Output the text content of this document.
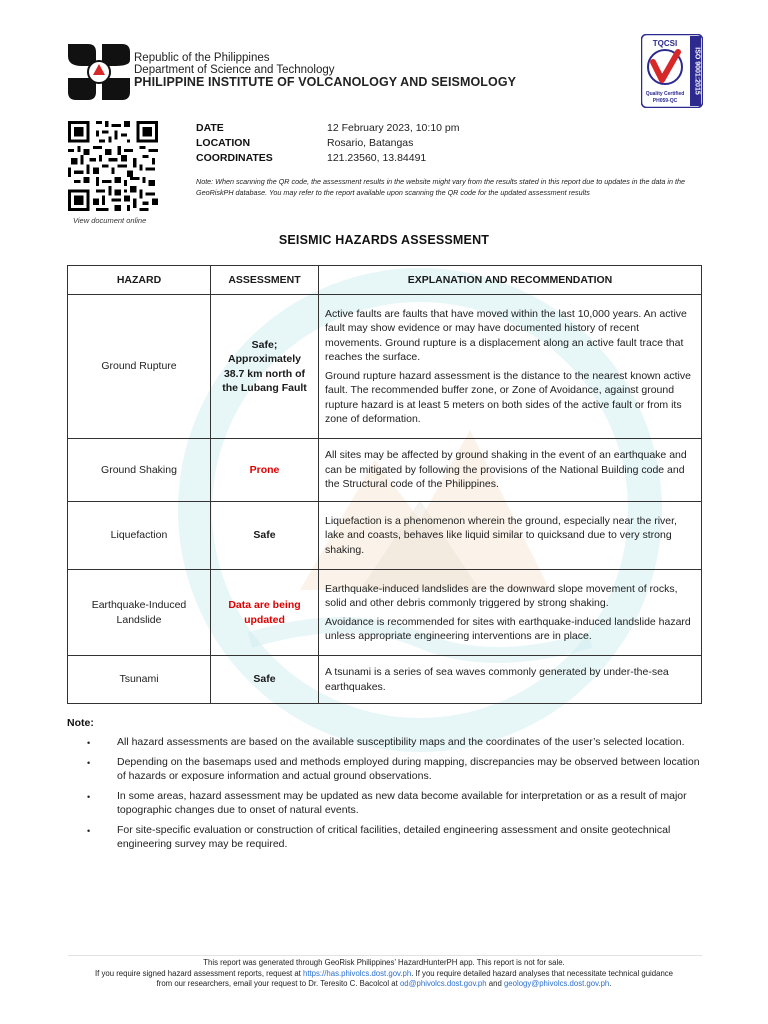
Republic of the Philippines
Department of Science and Technology
PHILIPPINE INSTITUTE OF VOLCANOLOGY AND SEISMOLOGY	ISO 9001:2015
TQCSI
Quality Certified
PH059-QC
View document online
DATE	12 February 2023, 10:10 pm
LOCATION	Rosario, Batangas
COORDINATES	121.23560, 13.84491
Note: When scanning the QR code, the assessment results in the website might vary from the results stated in this report due to updates in the data in the GeoRiskPH database. You may refer to the report available upon scanning the QR code for the updated assessment results
SEISMIC HAZARDS ASSESSMENT
HAZARD	ASSESSMENT	EXPLANATION AND RECOMMENDATION
Ground Rupture	Safe; Approximately 38.7 km north of the Lubang Fault	Active faults are faults that have moved within the last 10,000 years. An active fault may show evidence or may have documented history of recent movements. Ground rupture is a displacement along an active fault trace that reaches the surface.

Ground rupture hazard assessment is the distance to the nearest known active fault. The recommended buffer zone, or Zone of Avoidance, against ground rupture hazard is at least 5 meters on both sides of the active fault or from its zone of deformation.

Ground Shaking	Prone	All sites may be affected by ground shaking in the event of an earthquake and can be mitigated by following the provisions of the National Building code and the Structural code of the Philippines.

Liquefaction	Safe	Liquefaction is a phenomenon wherein the ground, especially near the river, lake and coasts, behaves like liquid similar to quicksand due to very strong shaking.

Earthquake-Induced Landslide	Data are being updated	Earthquake-induced landslides are the downward slope movement of rocks, solid and other debris commonly triggered by strong shaking.

Avoidance is recommended for sites with earthquake-induced landslide hazard unless appropriate engineering interventions are in place.

Tsunami	Safe	A tsunami is a series of sea waves commonly generated by under-the-sea earthquakes.

Note:
• All hazard assessments are based on the available susceptibility maps and the coordinates of the user’s selected location.
• Depending on the basemaps used and methods employed during mapping, discrepancies may be observed between location of hazards or exposure information and actual ground observations.
• In some areas, hazard assessment may be updated as new data become available for interpretation or as a result of major topographic changes due to onset of natural events.
• For site-specific evaluation or construction of critical facilities, detailed engineering assessment and onsite geotechnical engineering survey may be required.
This report was generated through GeoRisk Philippines’ HazardHunterPH app. This report is not for sale.
If you require signed hazard assessment reports, request at https://has.phivolcs.dost.gov.ph. If you require detailed hazard analyses that necessitate technical guidance
from our researchers, email your request to Dr. Teresito C. Bacolcol at od@phivolcs.dost.gov.ph and geology@phivolcs.dost.gov.ph.
